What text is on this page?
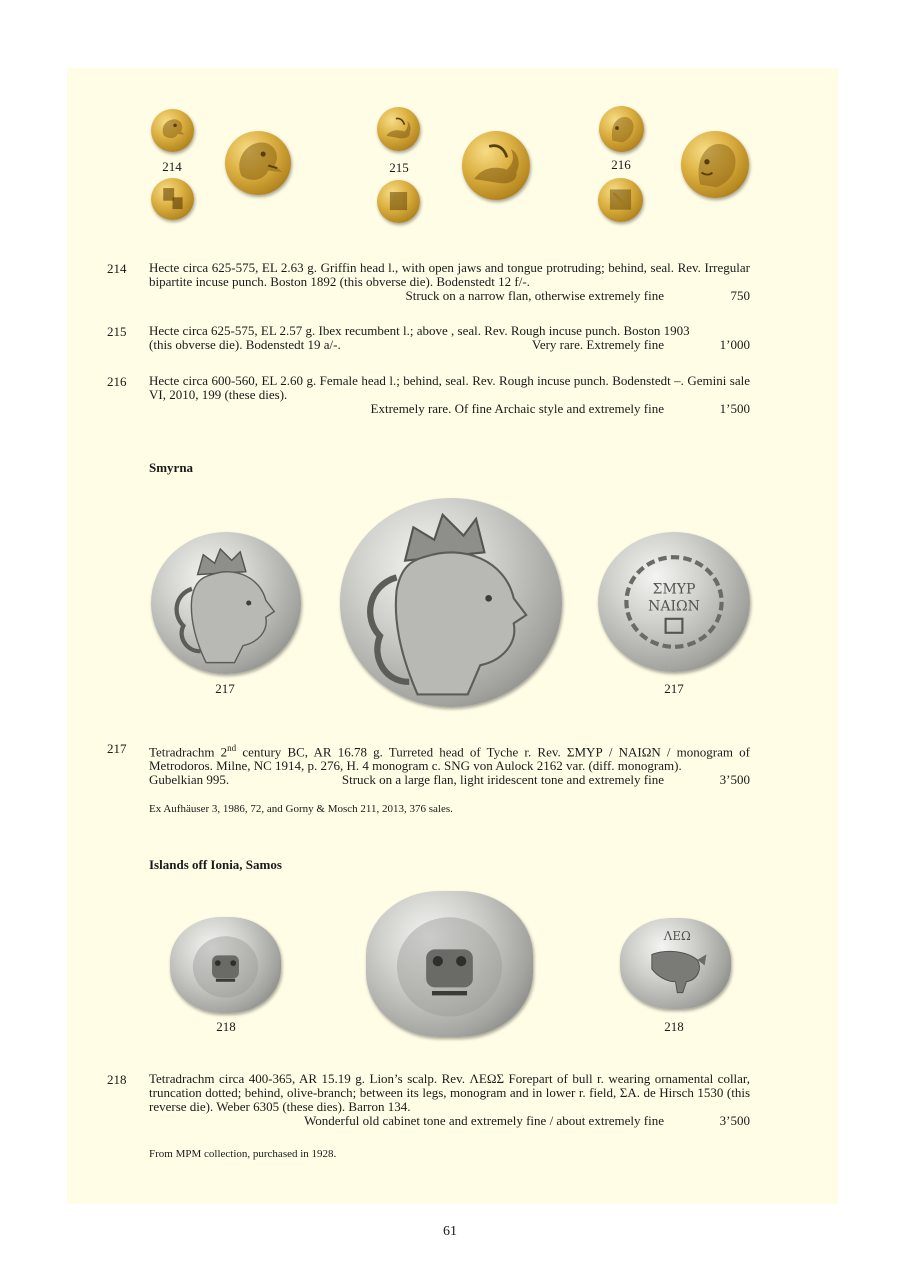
214	215	216
214 Hecte circa 625-575, EL 2.63 g. Griffin head l., with open jaws and tongue protruding; behind, seal. Rev. Irregular bipartite incuse punch. Boston 1892 (this obverse die). Bodenstedt 12 f/-.

Struck on a narrow flan, otherwise extremely fine	750
215 Hecte circa 625-575, EL 2.57 g. Ibex recumbent l.; above , seal. Rev. Rough incuse punch. Boston 1903

(this obverse die). Bodenstedt 19 a/-.	Very rare. Extremely fine	1’000
216 Hecte circa 600-560, EL 2.60 g. Female head l.; behind, seal. Rev. Rough incuse punch. Bodenstedt –. Gemini sale VI, 2010, 199 (these dies).

Extremely rare. Of fine Archaic style and extremely fine	1’500
Smyrna
217
ΣΜΥΡ
ΝΑΙΩΝ
217
217 Tetradrachm 2nd century BC, AR 16.78 g. Turreted head of Tyche r. Rev. ΣΜΥΡ / ΝΑΙΩΝ / monogram of Metrodoros. Milne, NC 1914, p. 276, H. 4 monogram c. SNG von Aulock 2162 var. (diff. monogram).

Gubelkian 995.	Struck on a large flan, light iridescent tone and extremely fine	3’500
Ex Aufhäuser 3, 1986, 72, and Gorny & Mosch 211, 2013, 376 sales.
Islands off Ionia, Samos
218
ΛΕΩ
218
218 Tetradrachm circa 400-365, AR 15.19 g. Lion’s scalp. Rev. ΛΕΩΣ Forepart of bull r. wearing ornamental collar, truncation dotted; behind, olive-branch; between its legs, monogram and in lower r. field, ΣΑ. de Hirsch 1530 (this reverse die). Weber 6305 (these dies). Barron 134.

Wonderful old cabinet tone and extremely fine / about extremely fine	3’500
From MPM collection, purchased in 1928.
61
